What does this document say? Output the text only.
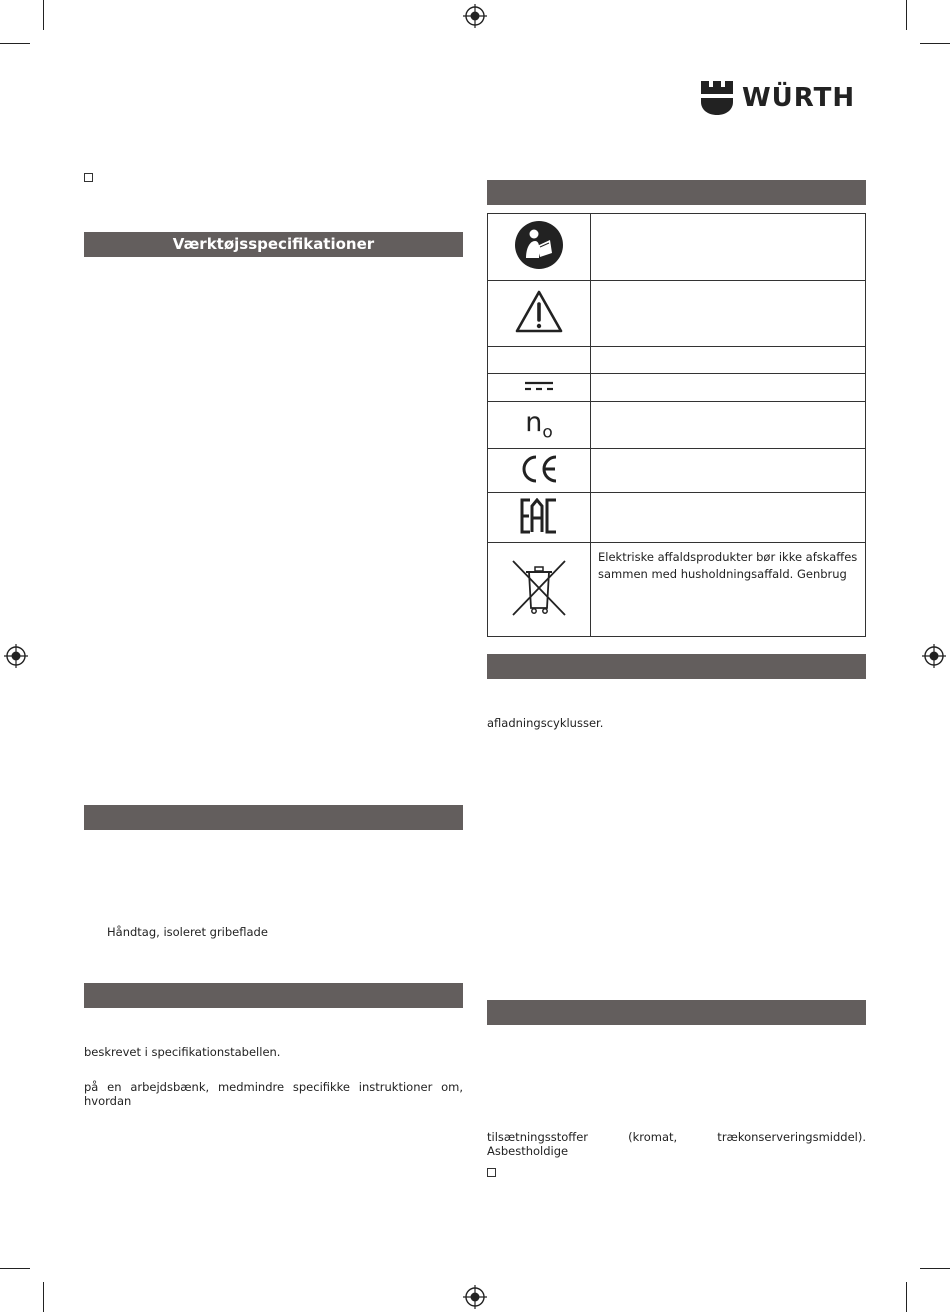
WÜRTH
Værktøjsspecifikationer
Håndtag, isoleret gribeflade
beskrevet i specifikationstabellen.
på en arbejdsbænk, medmindre specifikke instruktioner om, hvordan

$n_o$	

	Elektriske affaldsprodukter bør ikke afskaffes sammen med husholdningsaffald. Genbrug
afladningscyklusser.
tilsætningsstoffer (kromat, trækonserveringsmiddel). Asbestholdige
